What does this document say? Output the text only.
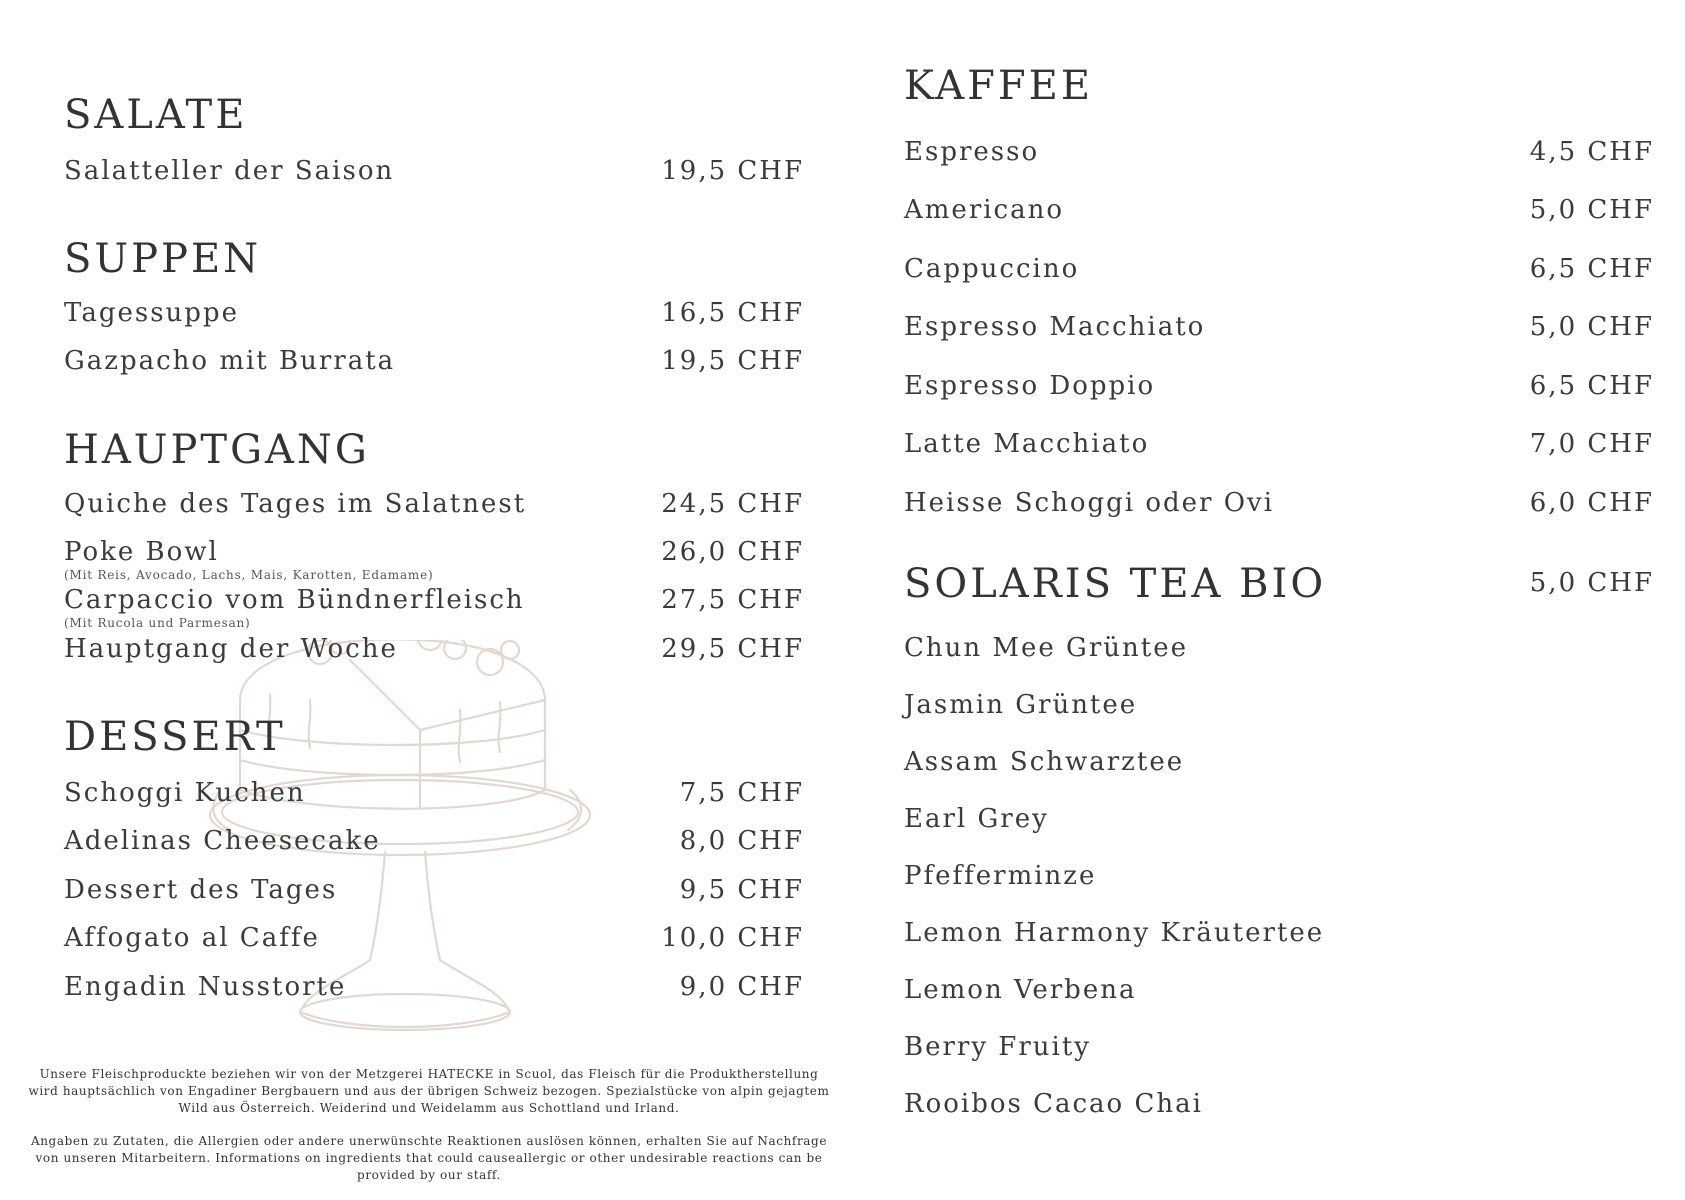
SALATE
Salatteller der Saison	19,5 CHF
SUPPEN
Tagessuppe	16,5 CHF
Gazpacho mit Burrata	19,5 CHF
HAUPTGANG
Quiche des Tages im Salatnest	24,5 CHF
Poke Bowl	26,0 CHF
(Mit Reis, Avocado, Lachs, Mais, Karotten, Edamame)
Carpaccio vom Bündnerfleisch	27,5 CHF
(Mit Rucola und Parmesan)
Hauptgang der Woche	29,5 CHF
DESSERT
Schoggi Kuchen	7,5 CHF
Adelinas Cheesecake	8,0 CHF
Dessert des Tages	9,5 CHF
Affogato al Caffe	10,0 CHF
Engadin Nusstorte	9,0 CHF

Unsere Fleischproduckte beziehen wir von der Metzgerei HATECKE in Scuol, das Fleisch für die Produktherstellung wird hauptsächlich von Engadiner Bergbauern und aus der übrigen Schweiz bezogen. Spezialstücke von alpin gejagtem Wild aus Österreich. Weiderind und Weidelamm aus Schottland und Irland.

Angaben zu Zutaten, die Allergien oder andere unerwünschte Reaktionen auslösen können, erhalten Sie auf Nachfrage von unseren Mitarbeitern. Informations on ingredients that could causeallergic or other undesirable reactions can be provided by our staff.

KAFFEE
Espresso	4,5 CHF
Americano	5,0 CHF
Cappuccino	6,5 CHF
Espresso Macchiato	5,0 CHF
Espresso Doppio	6,5 CHF
Latte Macchiato	7,0 CHF
Heisse Schoggi oder Ovi	6,0 CHF
SOLARIS TEA BIO	5,0 CHF
Chun Mee Grüntee
Jasmin Grüntee
Assam Schwarztee
Earl Grey
Pfefferminze
Lemon Harmony Kräutertee
Lemon Verbena
Berry Fruity
Rooibos Cacao Chai
